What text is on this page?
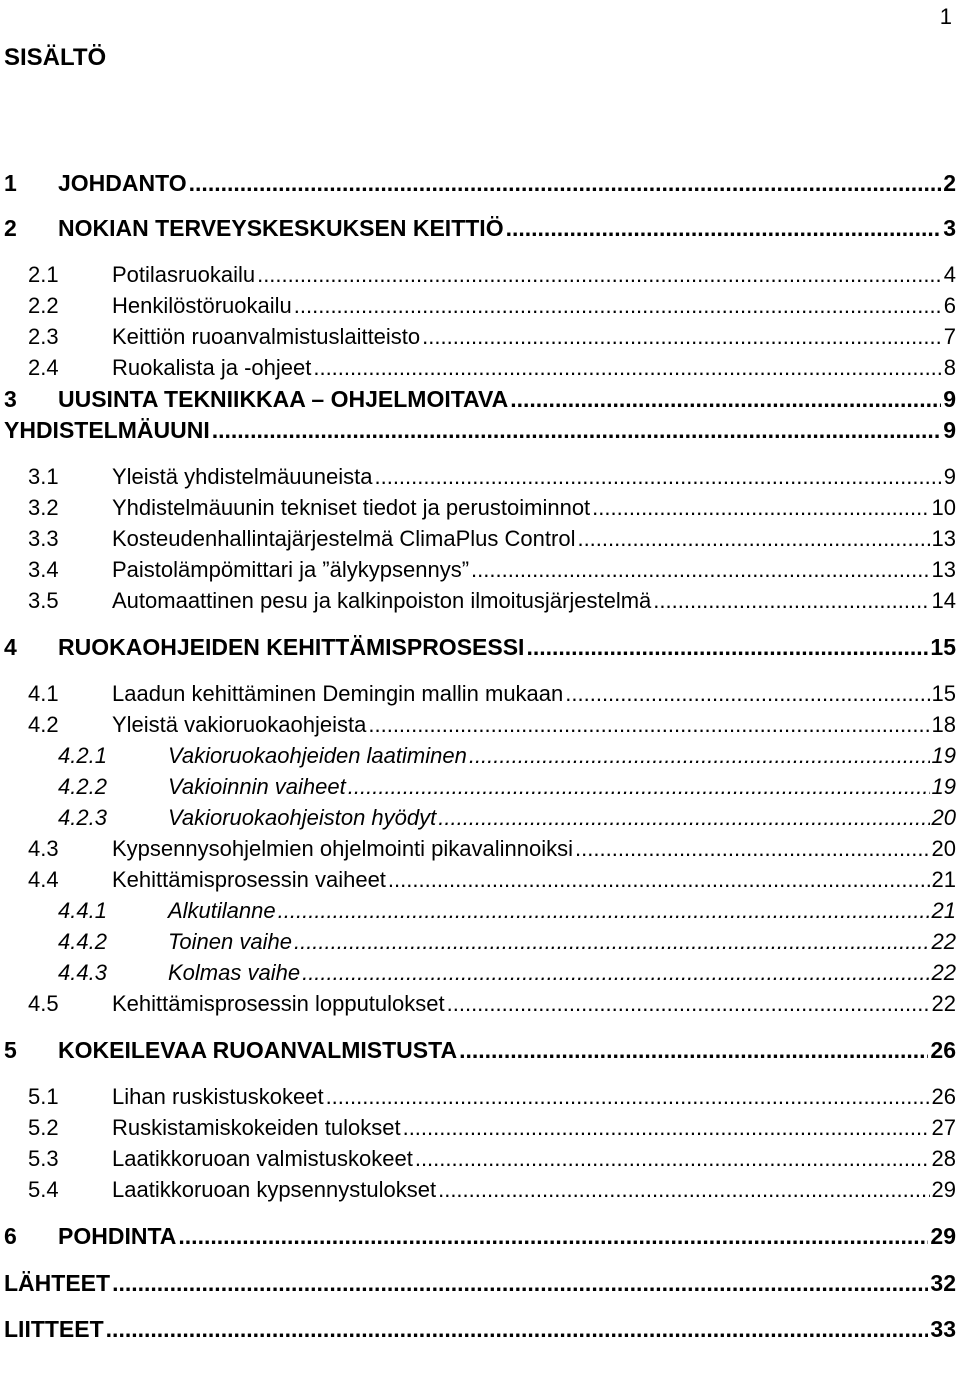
1
SISÄLTÖ
1	JOHDANTO .....	2
2	NOKIAN TERVEYSKESKUKSEN KEITTIÖ .....	3
2.1	Potilasruokailu .....	4
2.2	Henkilöstöruokailu .....	6
2.3	Keittiön ruoanvalmistuslaitteisto .....	7
2.4	Ruokalista ja -ohjeet .....	8
3	UUSINTA TEKNIIKKAA – OHJELMOITAVA .....	9
YHDISTELMÄUUNI .....	9
3.1	Yleistä yhdistelmäuuneista .....	9
3.2	Yhdistelmäuunin tekniset tiedot ja perustoiminnot .....	10
3.3	Kosteudenhallintajärjestelmä ClimaPlus Control .....	13
3.4	Paistolämpömittari ja ”älykypsennys” .....	13
3.5	Automaattinen pesu ja kalkinpoiston ilmoitusjärjestelmä .....	14
4	RUOKAOHJEIDEN KEHITTÄMISPROSESSI .....	15
4.1	Laadun kehittäminen Demingin mallin mukaan .....	15
4.2	Yleistä vakioruokaohjeista .....	18
4.2.1	Vakioruokaohjeiden laatiminen .....	19
4.2.2	Vakioinnin vaiheet .....	19
4.2.3	Vakioruokaohjeiston hyödyt .....	20
4.3	Kypsennysohjelmien ohjelmointi pikavalinnoiksi .....	20
4.4	Kehittämisprosessin vaiheet .....	21
4.4.1	Alkutilanne .....	21
4.4.2	Toinen vaihe .....	22
4.4.3	Kolmas vaihe .....	22
4.5	Kehittämisprosessin lopputulokset .....	22
5	KOKEILEVAA RUOANVALMISTUSTA .....	26
5.1	Lihan ruskistuskokeet .....	26
5.2	Ruskistamiskokeiden tulokset .....	27
5.3	Laatikkoruoan valmistuskokeet .....	28
5.4	Laatikkoruoan kypsennystulokset .....	29
6	POHDINTA .....	29
LÄHTEET .....	32
LIITTEET .....	33
